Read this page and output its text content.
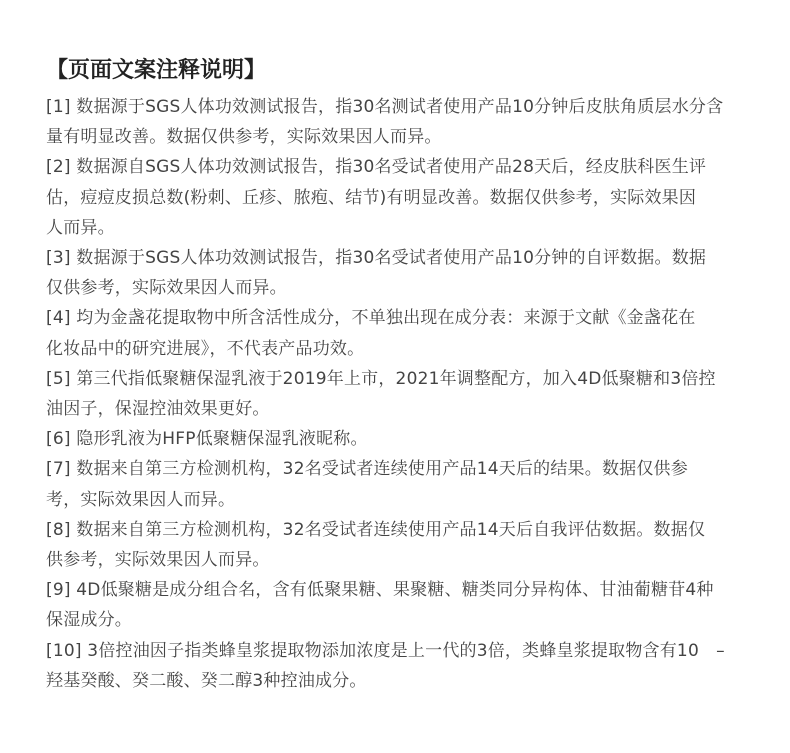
【页面文案注释说明】
[1] 数据源于SGS人体功效测试报告，指30名测试者使用产品10分钟后皮肤角质层水分含
量有明显改善。数据仅供参考，实际效果因人而异。
[2] 数据源自SGS人体功效测试报告，指30名受试者使用产品28天后，经皮肤科医生评
估，痘痘皮损总数(粉刺、丘疹、脓疱、结节)有明显改善。数据仅供参考，实际效果因
人而异。
[3] 数据源于SGS人体功效测试报告，指30名受试者使用产品10分钟的自评数据。数据
仅供参考，实际效果因人而异。
[4] 均为金盏花提取物中所含活性成分，不单独出现在成分表：来源于文献《金盏花在
化妆品中的研究进展》，不代表产品功效。
[5] 第三代指低聚糖保湿乳液于2019年上市，2021年调整配方，加入4D低聚糖和3倍控
油因子，保湿控油效果更好。
[6] 隐形乳液为HFP低聚糖保湿乳液昵称。
[7] 数据来自第三方检测机构，32名受试者连续使用产品14天后的结果。数据仅供参
考，实际效果因人而异。
[8] 数据来自第三方检测机构，32名受试者连续使用产品14天后自我评估数据。数据仅
供参考，实际效果因人而异。
[9] 4D低聚糖是成分组合名，含有低聚果糖、果聚糖、糖类同分异构体、甘油葡糖苷4种
保湿成分。
[10] 3倍控油因子指类蜂皇浆提取物添加浓度是上一代的3倍，类蜂皇浆提取物含有10　–
羟基癸酸、癸二酸、癸二醇3种控油成分。
